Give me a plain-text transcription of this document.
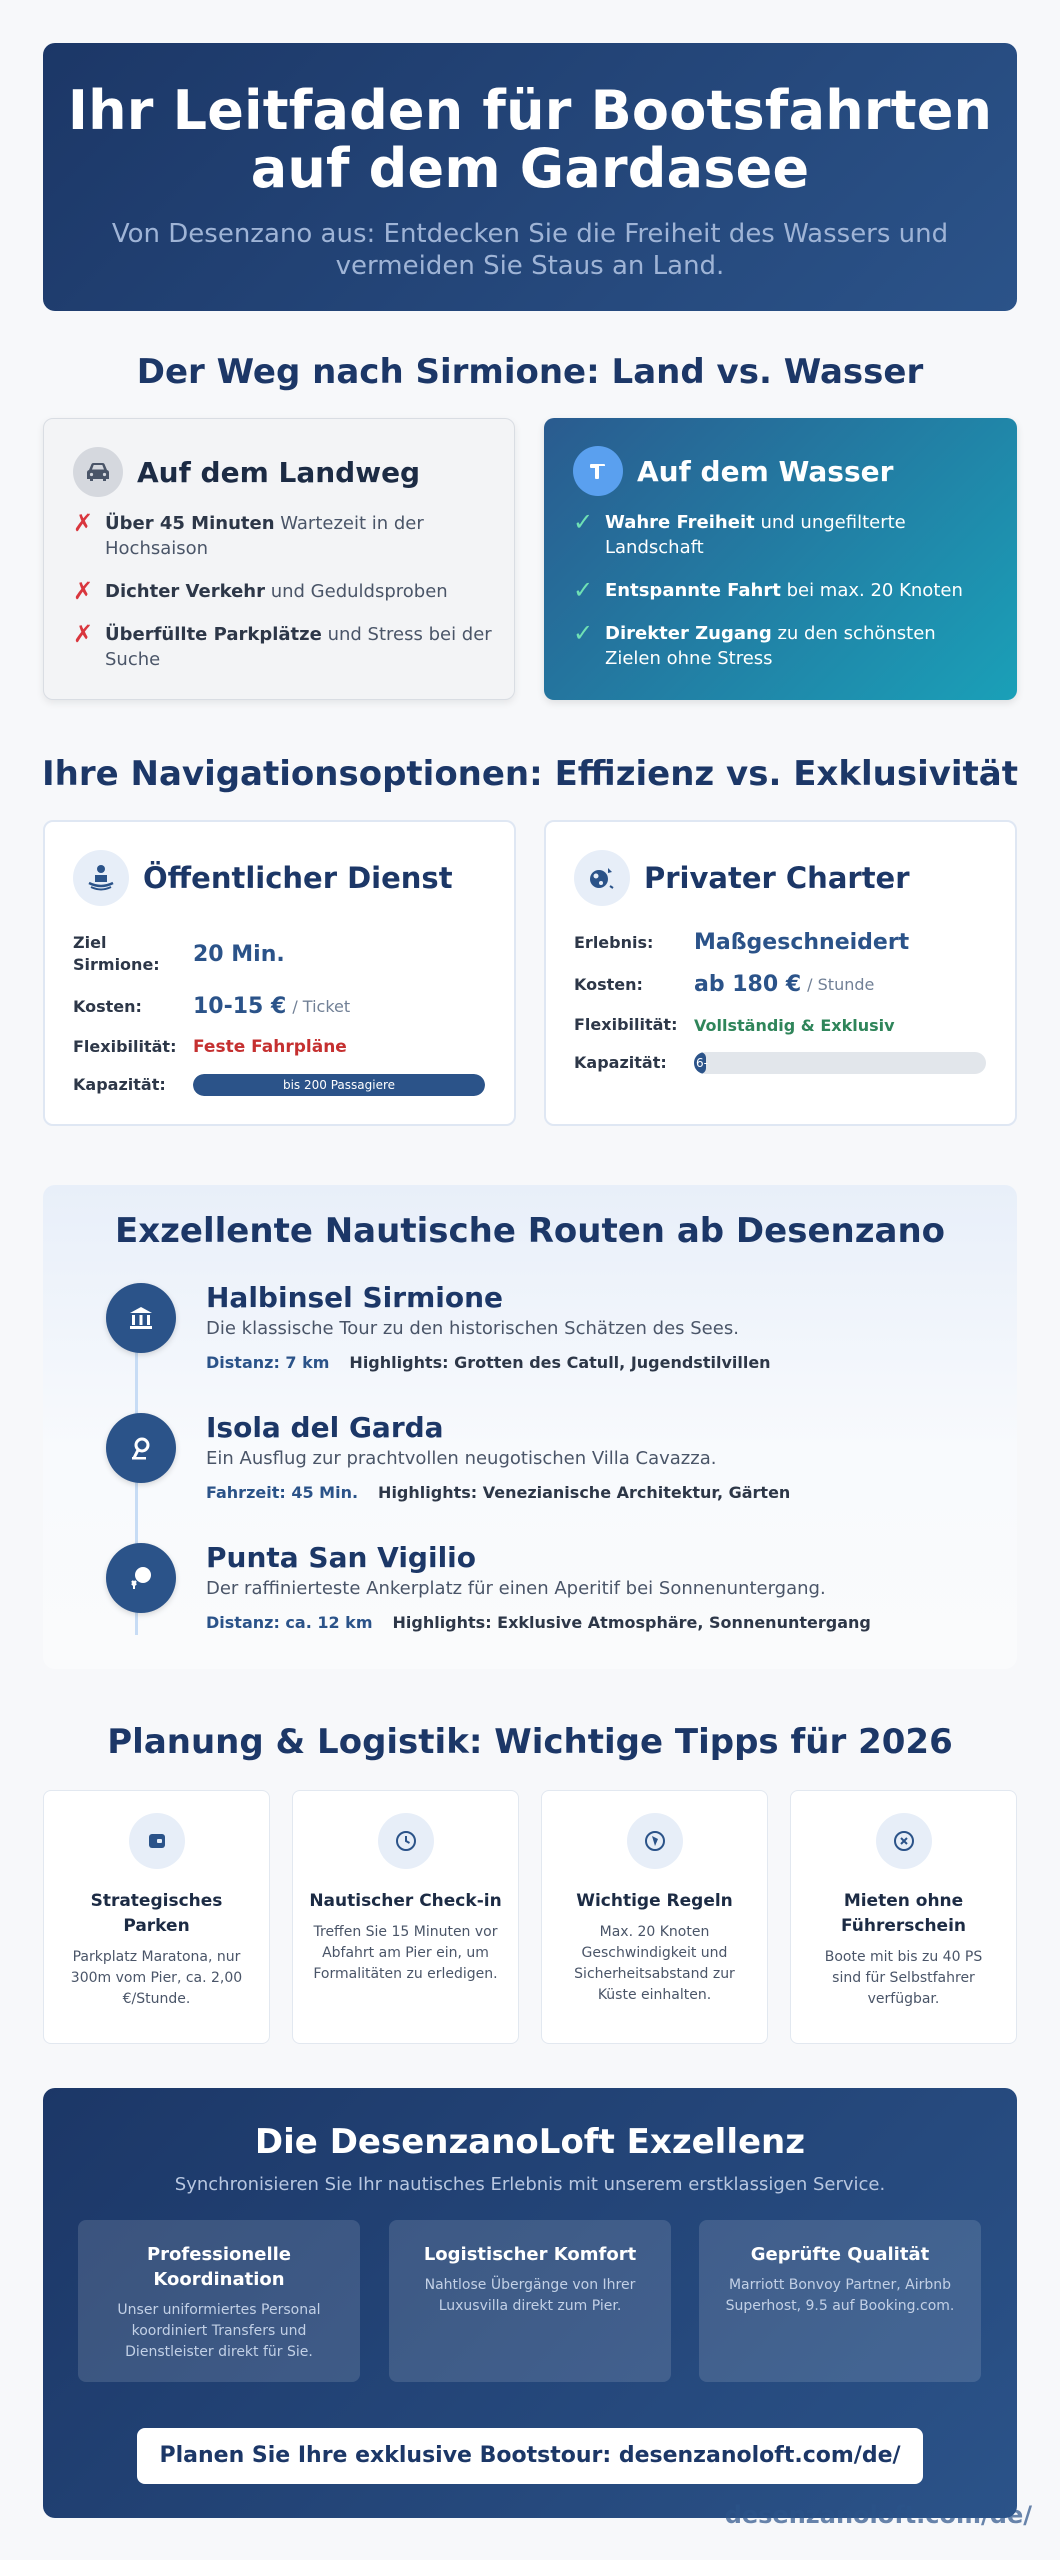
Ihr Leitfaden für Bootsfahrten auf dem Gardasee

Von Desenzano aus: Entdecken Sie die Freiheit des Wassers und vermeiden Sie Staus an Land.

Der Weg nach Sirmione: Land vs. Wasser
Auf dem Landweg
✗ Über 45 Minuten Wartezeit in der Hochsaison
✗ Dichter Verkehr und Geduldsproben
✗ Überfüllte Parkplätze und Stress bei der Suche
Auf dem Wasser
✓ Wahre Freiheit und ungefilterte Landschaft
✓ Entspannte Fahrt bei max. 20 Knoten
✓ Direkter Zugang zu den schönsten Zielen ohne Stress
Ihre Navigationsoptionen: Effizienz vs. Exklusivität
Öffentlicher Dienst
Ziel Sirmione:	20 Min.
Kosten:	10-15 € / Ticket
Flexibilität: Feste Fahrpläne
Kapazität:	bis 200 Passagiere
Privater Charter
Erlebnis:	Maßgeschneidert
Kosten:	ab 180 € / Stunde
Flexibilität:	Vollständig & Exklusiv
Kapazität:	6-
Exzellente Nautische Routen ab Desenzano
Halbinsel Sirmione
Die klassische Tour zu den historischen Schätzen des Sees.
Distanz: 7 km Highlights: Grotten des Catull, Jugendstilvillen
Isola del Garda
Ein Ausflug zur prachtvollen neugotischen Villa Cavazza.
Fahrzeit: 45 Min. Highlights: Venezianische Architektur, Gärten
Punta San Vigilio
Der raffinierteste Ankerplatz für einen Aperitif bei Sonnenuntergang.
Distanz: ca. 12 km Highlights: Exklusive Atmosphäre, Sonnenuntergang
Planung & Logistik: Wichtige Tipps für 2026
Strategisches Parken

Parkplatz Maratona, nur 300m vom Pier, ca. 2,00 €/Stunde.

Nautischer Check-in

Treffen Sie 15 Minuten vor Abfahrt am Pier ein, um Formalitäten zu erledigen.

Wichtige Regeln

Max. 20 Knoten Geschwindigkeit und Sicherheitsabstand zur Küste einhalten.

Mieten ohne Führerschein

Boote mit bis zu 40 PS sind für Selbstfahrer verfügbar.

Die DesenzanoLoft Exzellenz
Synchronisieren Sie Ihr nautisches Erlebnis mit unserem erstklassigen Service.
Professionelle Koordination

Unser uniformiertes Personal koordiniert Transfers und Dienstleister direkt für Sie.

Logistischer Komfort

Nahtlose Übergänge von Ihrer Luxusvilla direkt zum Pier.

Geprüfte Qualität

Marriott Bonvoy Partner, Airbnb Superhost, 9.5 auf Booking.com.

Planen Sie Ihre exklusive Bootstour: desenzanoloft.com/de/
desenzanoloft.com/de/
